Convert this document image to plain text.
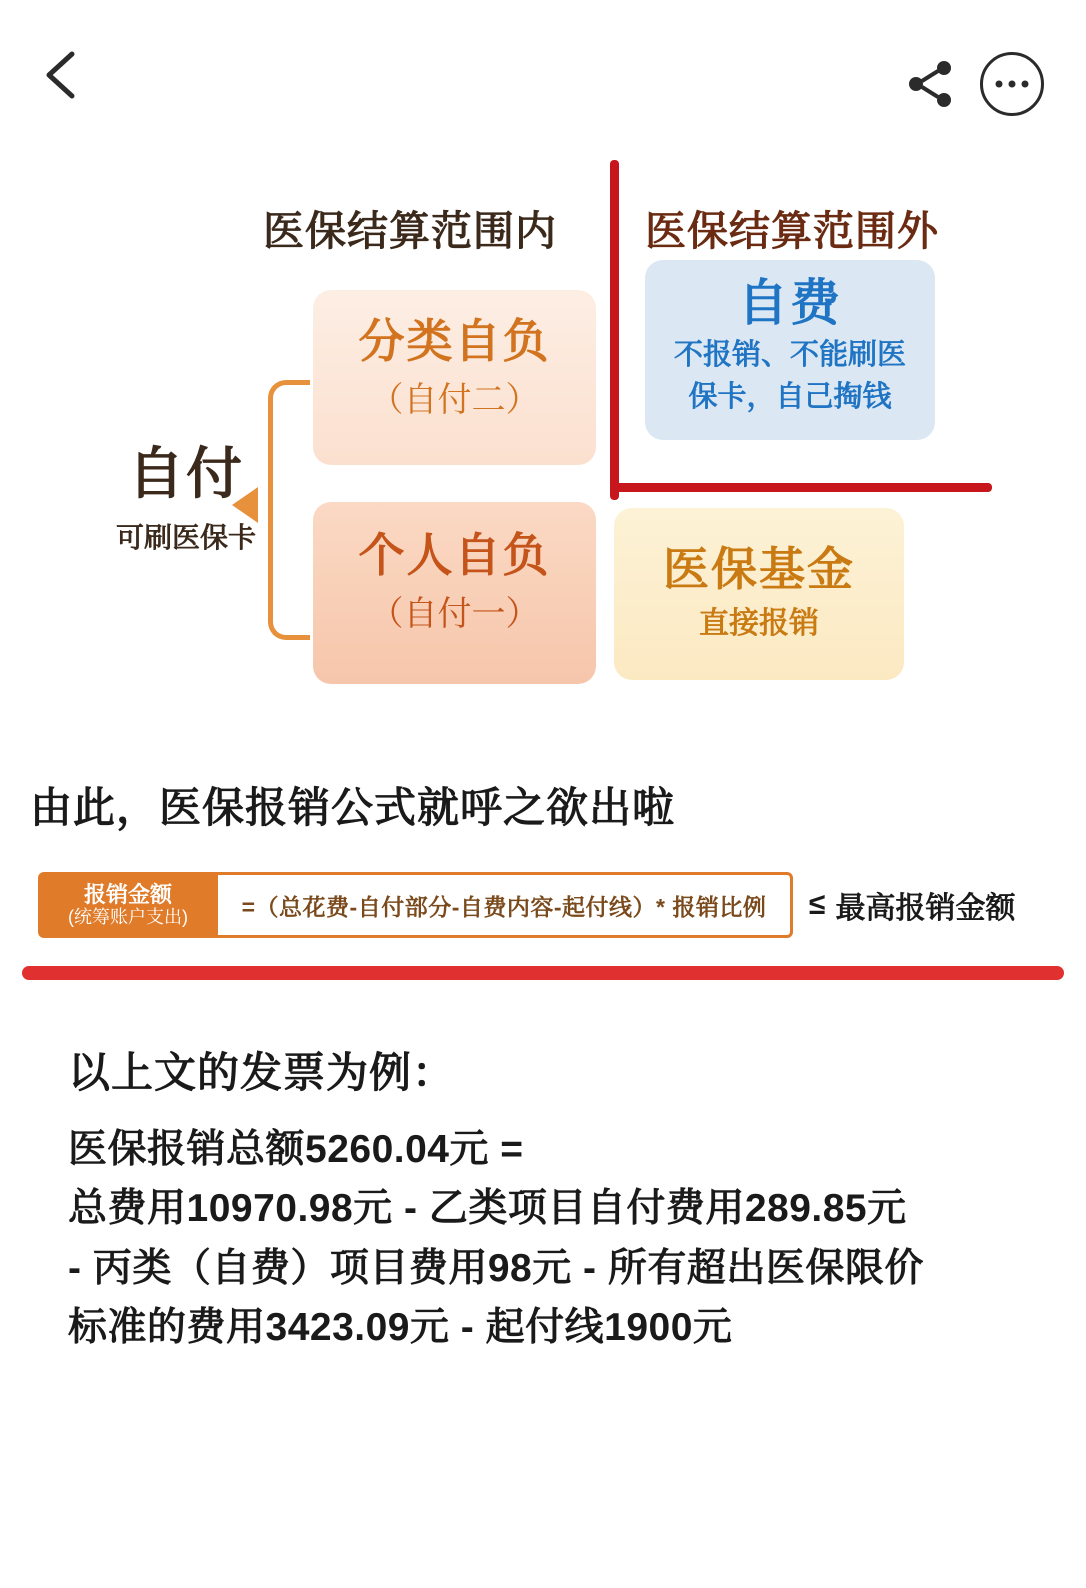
医保结算范围内 医保结算范围外
自付
可刷医保卡
分类自负
（自付二）
个人自负
（自付一）
自费
不报销、不能刷医
保卡，自己掏钱
医保基金
直接报销
由此，医保报销公式就呼之欲出啦
报销金额
(统筹账户支出)	=（总花费-自付部分-自费内容-起付线）* 报销比例	≤ 最高报销金额
以上文的发票为例：
医保报销总额5260.04元 =
总费用10970.98元 - 乙类项目自付费用289.85元
- 丙类（自费）项目费用98元 - 所有超出医保限价
标准的费用3423.09元 - 起付线1900元
